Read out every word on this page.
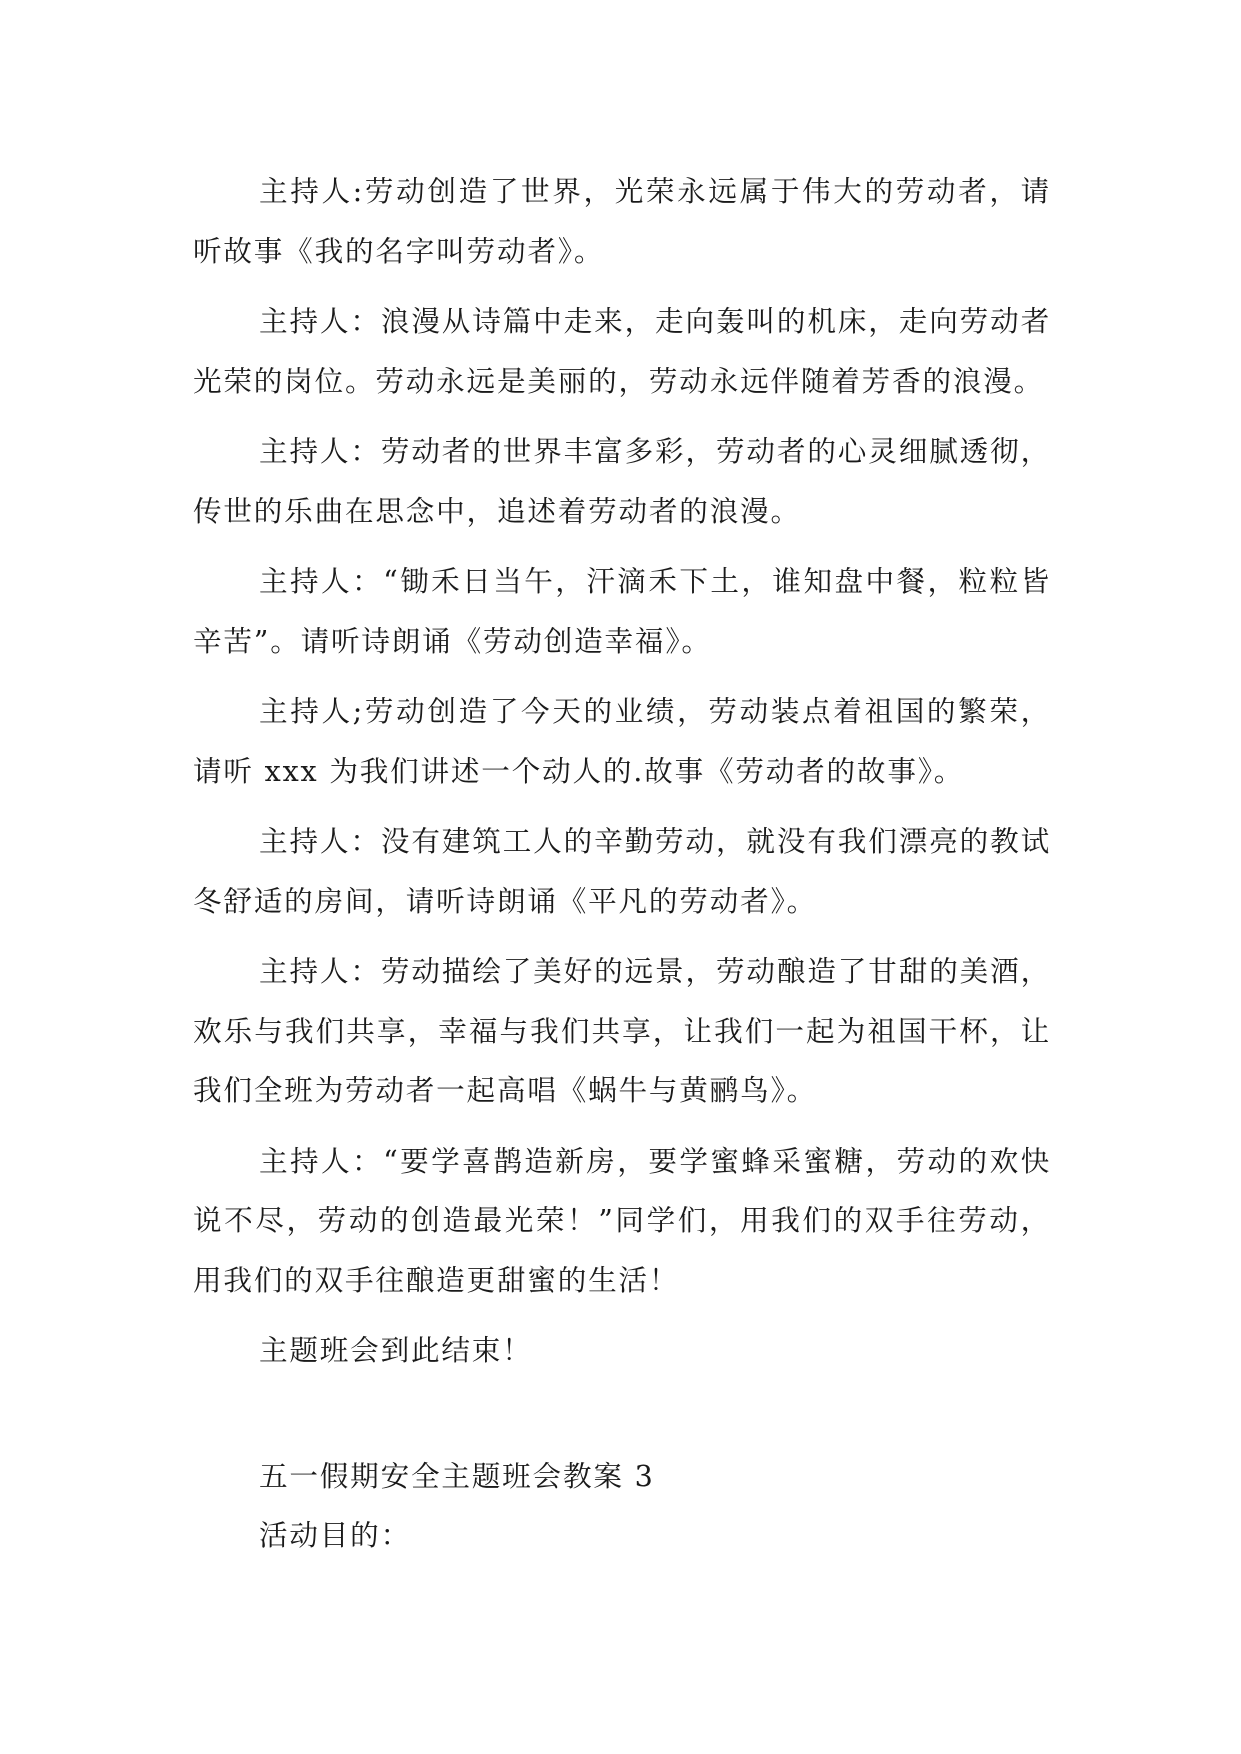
主持人:劳动创造了世界，光荣永远属于伟大的劳动者，请听故事《我的名字叫劳动者》。

主持人：浪漫从诗篇中走来，走向轰叫的机床，走向劳动者光荣的岗位。劳动永远是美丽的，劳动永远伴随着芳香的浪漫。

主持人：劳动者的世界丰富多彩，劳动者的心灵细腻透彻，传世的乐曲在思念中，追述着劳动者的浪漫。

主持人：“锄禾日当午，汗滴禾下土，谁知盘中餐，粒粒皆辛苦”。请听诗朗诵《劳动创造幸福》。

主持人;劳动创造了今天的业绩，劳动装点着祖国的繁荣，请听 xxx 为我们讲述一个动人的.故事《劳动者的故事》。

主持人：没有建筑工人的辛勤劳动，就没有我们漂亮的教试冬舒适的房间，请听诗朗诵《平凡的劳动者》。

主持人：劳动描绘了美好的远景，劳动酿造了甘甜的美酒，欢乐与我们共享，幸福与我们共享，让我们一起为祖国干杯，让我们全班为劳动者一起高唱《蜗牛与黄鹂鸟》。

主持人：“要学喜鹊造新房，要学蜜蜂采蜜糖，劳动的欢快说不尽，劳动的创造最光荣！”同学们，用我们的双手往劳动，用我们的双手往酿造更甜蜜的生活！

主题班会到此结束！

五一假期安全主题班会教案 3

活动目的：
